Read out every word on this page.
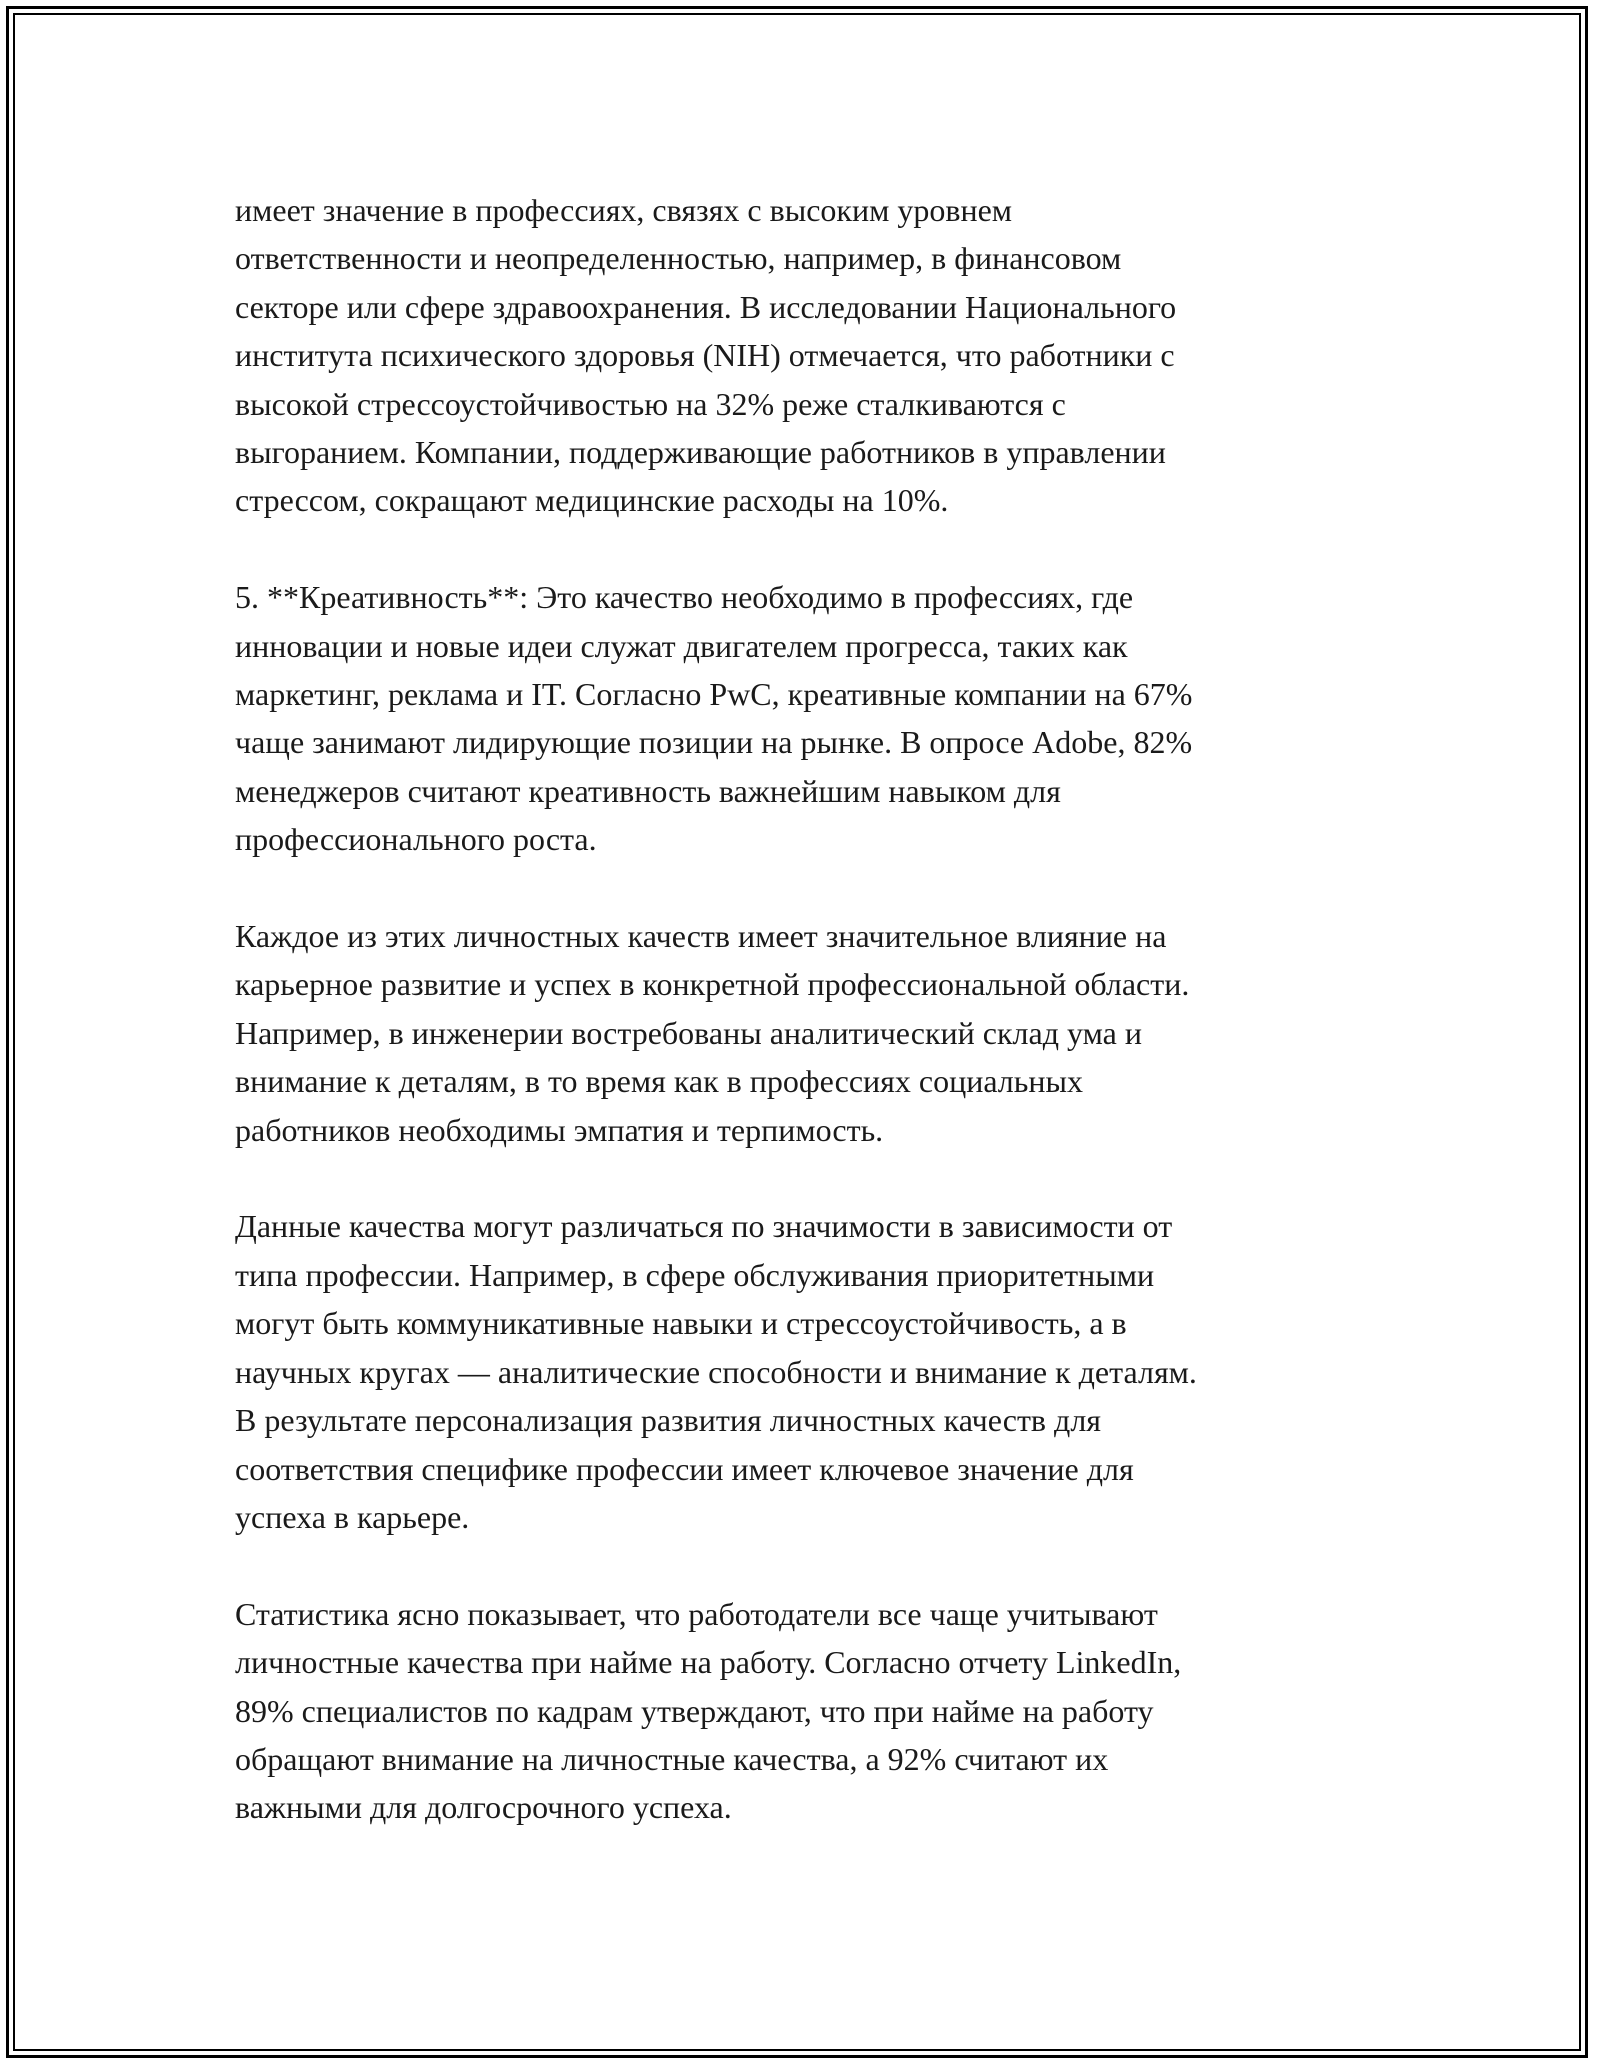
имеет значение в профессиях, связях с высоким уровнем
ответственности и неопределенностью, например, в финансовом
секторе или сфере здравоохранения. В исследовании Национального
института психического здоровья (NIH) отмечается, что работники с
высокой стрессоустойчивостью на 32% реже сталкиваются с
выгоранием. Компании, поддерживающие работников в управлении
стрессом, сокращают медицинские расходы на 10%.

5. **Креативность**: Это качество необходимо в профессиях, где
инновации и новые идеи служат двигателем прогресса, таких как
маркетинг, реклама и IT. Согласно PwC, креативные компании на 67%
чаще занимают лидирующие позиции на рынке. В опросе Adobe, 82%
менеджеров считают креативность важнейшим навыком для
профессионального роста.

Каждое из этих личностных качеств имеет значительное влияние на
карьерное развитие и успех в конкретной профессиональной области.
Например, в инженерии востребованы аналитический склад ума и
внимание к деталям, в то время как в профессиях социальных
работников необходимы эмпатия и терпимость.

Данные качества могут различаться по значимости в зависимости от
типа профессии. Например, в сфере обслуживания приоритетными
могут быть коммуникативные навыки и стрессоустойчивость, а в
научных кругах — аналитические способности и внимание к деталям.
В результате персонализация развития личностных качеств для
соответствия специфике профессии имеет ключевое значение для
успеха в карьере.

Статистика ясно показывает, что работодатели все чаще учитывают
личностные качества при найме на работу. Согласно отчету LinkedIn,
89% специалистов по кадрам утверждают, что при найме на работу
обращают внимание на личностные качества, а 92% считают их
важными для долгосрочного успеха.
